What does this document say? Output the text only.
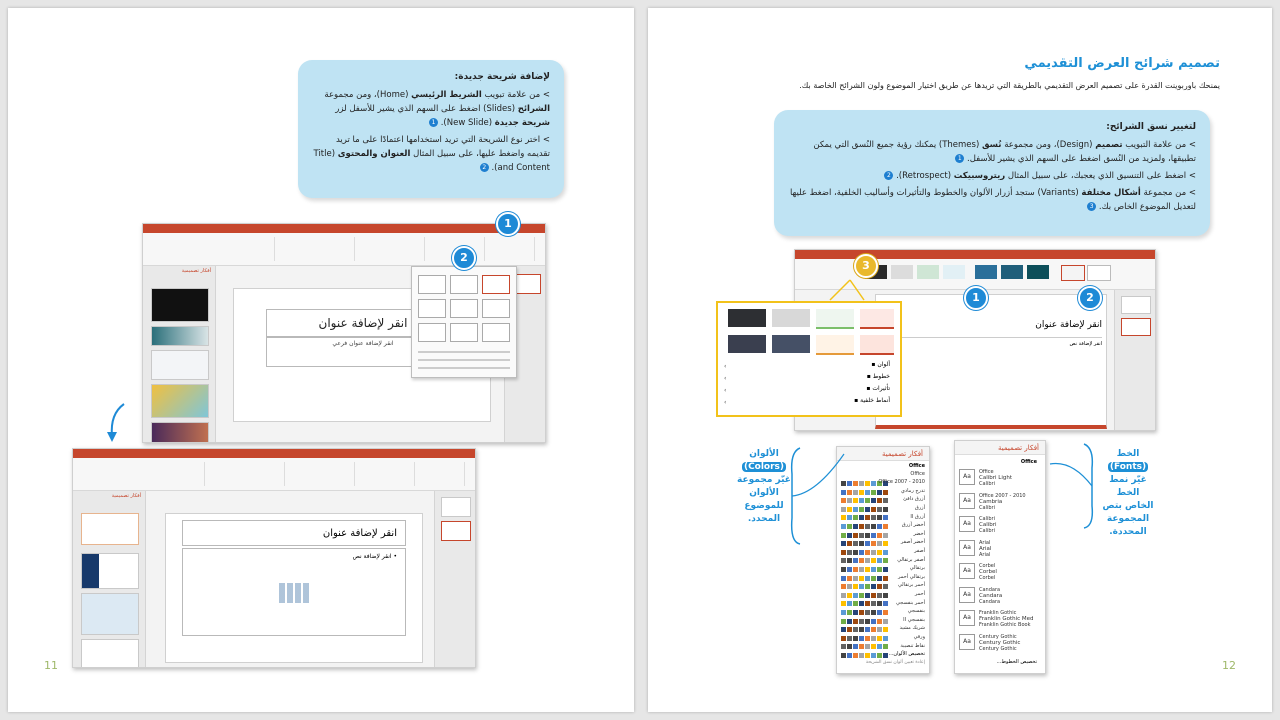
لإضافة شريحة جديدة:

> من علامة تبويب الشريط الرئيسي (Home)، ومن مجموعة الشرائح (Slides) اضغط على السهم الذي يشير للأسفل لزر شريحة جديدة (New Slide). 1

> اختر نوع الشريحة التي تريد استخدامها اعتمادًا على ما تريد تقديمه واضغط عليها، على سبيل المثال العنوان والمحتوى (Title and Content). 2

انقر لإضافة عنوان
انقر لإضافة عنوان فرعي
أفكار تصميمية
1
2
أفكار تصميمية
انقر لإضافة عنوان
• انقر لإضافة نص
11
تصميم شرائح العرض التقديمي
يمنحك باوربوينت القدرة على تصميم العرض التقديمي بالطريقة التي تريدها عن طريق اختيار الموضوع ولون الشرائح الخاصة بك.
لتغيير نسق الشرائح:

> من علامة التبويب تصميم (Design)، ومن مجموعة نُسق (Themes) يمكنك رؤية جميع النُسق التي يمكن تطبيقها، ولمزيد من النُسق اضغط على السهم الذي يشير للأسفل. 1

> اضغط على التنسيق الذي يعجبك، على سبيل المثال ريتروسبيكت (Retrospect). 2

> من مجموعة أشكال مختلفة (Variants) ستجد أزرار الألوان والخطوط والتأثيرات وأساليب الخلفية، اضغط عليها لتعديل الموضوع الخاص بك. 3

انقر لإضافة عنوان
انقر لإضافة نص
ألوان ▪
خطوط ▪
تأثيرات ▪
أنماط خلفية ▪
‹
‹
‹
‹
3
1	2
أفكار تصميمية
Office
Office
Office 2007 - 2010
تدرج رمادي
أزرق دافئ
أزرق
أزرق II
أخضر أزرق
أخضر
أخضر أصفر
أصفر
أصفر برتقالي
برتقالي
برتقالي أحمر
أحمر برتقالي
أحمر
أحمر بنفسجي
بنفسجي
بنفسجي II
شريك مشيد
ورقي
نقاط تنصيبة
تخصيص الألوان...
إعادة تعيين ألوان نسق الشريحة
أفكار تصميمية
Office
Aa
Office
Calibri Light
Calibri
Aa
Office 2007 - 2010
Cambria
Calibri
Aa
Calibri
Calibri
Calibri
Aa
Arial
Arial
Arial
Aa
Corbel
Corbel
Corbel
Aa
Candara
Candara
Candara
Aa
Franklin Gothic
Franklin Gothic Med
Franklin Gothic Book
Aa
Century Gothic
Century Gothic
Century Gothic
تخصيص الخطوط...
الألوان
(Colors)
غيّر مجموعة
الألوان
للموضوع
المحدد.
الخط
(Fonts)
غيّر نمط الخط
الخاص بتص
المجموعة
المحددة.
12
